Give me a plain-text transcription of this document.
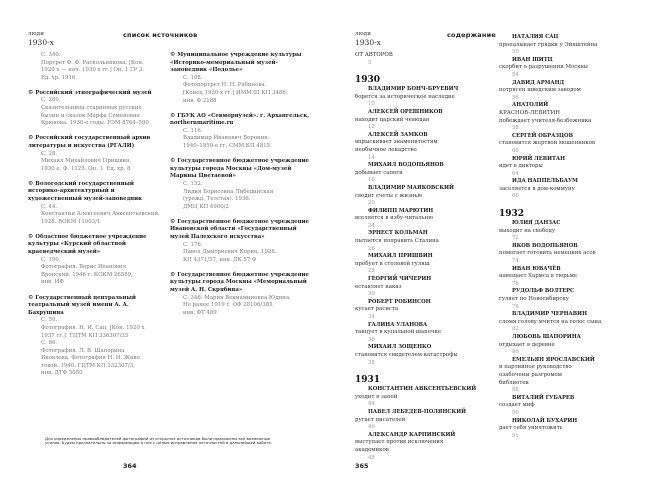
люди
1930-х
список источников
С. 340.
Портрет Ф. Ф. Раскольникова. [Кон.
1920 х — нач. 1930 х гг.] Оп. 1 ГР 3.
Ед. хр. 1916
© Российский этнографический музей
С. 280.
Сказительница старинных русских
былин и сказок Марфа Семеновна
Крюкова. 1930-е годы. РЭМ 8764–590
© Российский государственный архив литературы и искусства (РГАЛИ)
С. 28.
Михаил Михайлович Пришвин.
1930 е. Ф. 1125. Оп. 1. Ед. хр. 8
© Вологодский государственный историко-архитектурный и художественный музей-заповедник
С. 44.
Константин Алексеевич Авксентьевский. 1928. ВОКМ 11003/1
© Областное бюджетное учреждение культуры «Курский областной краеведческий музей»
С. 190.
Фотография. Борис Иванович
Вронский. 1946 г. КОКМ 26589,
инв. ИФ
© Государственный центральный театральный музей имени А. А. Бахрушина
С. 50.
Фотография. Н. И. Сац. [Кон. 1920 х
1937 гг.]. ГЦТМ КП 336307/35
С. 86.
Фотография. Л. В. Шапорина
Яковлева. Фотография Н. И. Живо
товой. 1940. ГЦТМ КП 332307/3,
инв. ДТФ 5050
© Муниципальное учреждение культуры «Историко-мемориальный музей-заповедник «Подолье»
С. 108.
Фотопортрет Н. Н. Рабинова.
[Конец 1920-х гг.] ИММЗП КП 3486,
инв. Ф 2188
© ГБУК АО «Севморнузей». г. Архангельск, northernmaritime.ru
С. 116.
Владимир Иванович Воронин.
1940–1950-е гг. СММ КП 4815
© Государственное бюджетное учреждение культуры города Москвы «Дом-музей Марины Цветаевой»
С. 152.
Лидия Борисовна Либединская
(урожд. Толстая). 1936.
ДМЦ КП 4900/2
© Государственное бюджетное учреждение Ивановской области «Государственный музей Палехского искусства»
С. 176.
Павел Дмитриевич Корин. 1928.
КП 4371/57, инв. ДК 57 Ф
© Государственное бюджетное учреждение культуры города Москвы «Мемориальный музей А. Н. Скрябина»
С. 346. Мария Вениаминовна Юдина.
Не ранее 1919 г. ОФ 28106/385,
инв. ФТ 489
Для определения правообладателей фотографий из открытых источников были приложены все возможные усилия. Будем признательны за информацию о них с целью исправления неточностей в дальнейшей работе.
364
люди
1930-х
содержание
ОТ АВТОРОВ
5
1930
ВЛАДИМИР БОНЧ-БРУЕВИЧ
борется за историческое наследие
10
АЛЕКСЕЙ ОРЕШНИКОВ
находит царский чемодан
12
АЛЕКСЕЙ ЗАМКОВ
впрыскивает знаменитостям
необычное лекарство
14
МИХАИЛ ВОДОПЬЯНОВ
добывает сапоги
16
ВЛАДИМИР МАЯКОВСКИЙ
сводит счеты с жизнью
20
ФИЛИПП МАРЮТИН
вселяется в избу-читальню
24
ЭРНЕСТ КОЛЬМАН
пытается поправить Сталина
26
МИХАИЛ ПРИШВИН
пробует в столовой гуляш
28
ГЕОРГИЙ ЧИЧЕРИН
оставляет наказ
30
РОБЕРТ РОБИНСОН
кусает расиста
34
ГАЛИНА УЛАНОВА
танцует в купальной шапочке
36
МИХАИЛ ЗОЩЕНКО
становится свидетелем катастрофы
38
1931
КОНСТАНТИН АВКСЕНТЬЕВСКИЙ
уходит в запой
44
ПАВЕЛ ЛЕБЕДЕВ-ПОЛЯНСКИЙ
ругает писателей
46
АЛЕКСАНДР КАРПИНСКИЙ
выступает против исключения
академиков
48
НАТАЛИЯ САЦ
пропалывает грядки у Эйнштейна
50
ИВАН ШИТЦ
скорбит о разрушении Москвы
54
ДАВИД АРМАНД
потрясен шведским заводом
56
АНАТОЛИЙ
КРАСНОВ-ЛЕВИТИН
побеждает учителя-безбожника
58
СЕРГЕЙ ОБРАЗЦОВ
становится жертвой мошенников
60
ЮРИЙ ЛЕВИТАН
идет в дикторы
64
ИДА НАППЕЛЬБАУМ
заселяется в дом-коммуну
66
1932
ЮЛИЯ ДАНЗАС
выходит на свободу
72
ЯКОВ ВОДОПЬЯНОВ
помогает готовить немецких асов
74
ИВАН ЮВАЧЁВ
навещает Хармса в тюрьме
76
РУДОЛЬФ ВОЛТЕРС
гуляет по Новосибирску
78
ВЛАДИМИР ЧЕРНАВИН
сломя голову мчится на голос сына
82
ЛЮБОВЬ ШАПОРИНА
отдыхает в деревне
86
ЕМЕЛЬЯН ЯРОСЛАВСКИЙ
и партийное руководство
озабочены разгромом
библиотек
88
ВИТАЛИЙ ГУБАРЕВ
создает миф
90
НИКОЛАЙ БУХАРИН
дает себя уничтожить
91
365
